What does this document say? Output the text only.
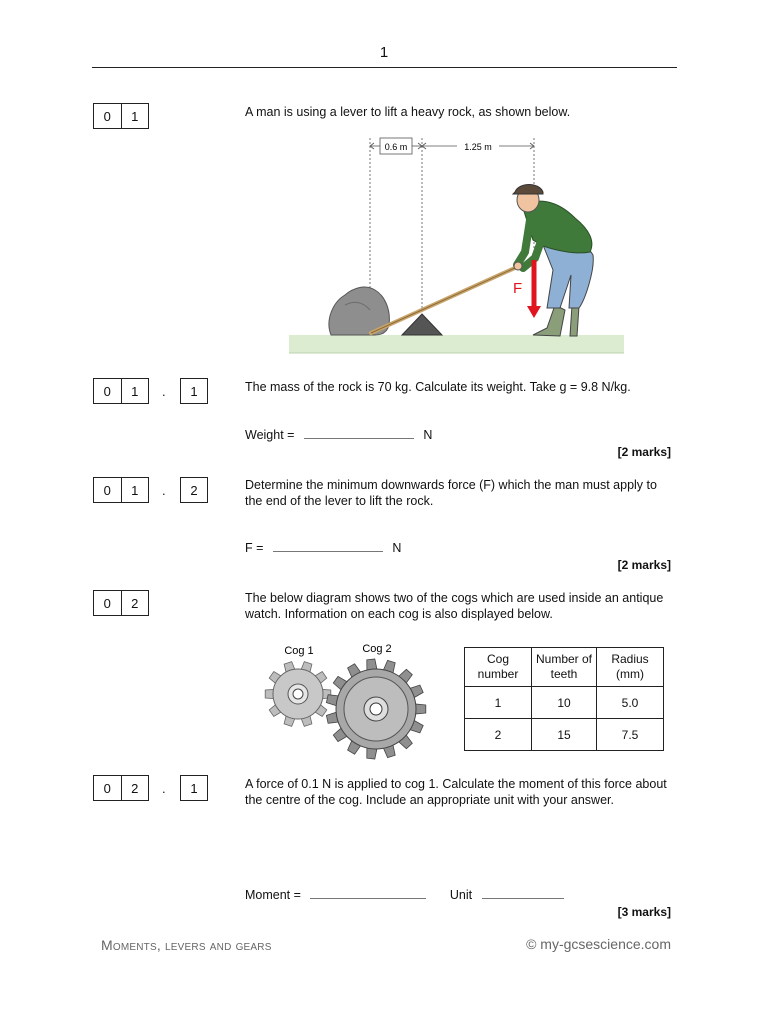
1
0	1	A man is using a lever to lift a heavy rock, as shown below.
0.6 m	1.25 m
F
0	1	.	1	The mass of the rock is 70 kg. Calculate its weight. Take g = 9.8 N/kg.
Weight =	N
[2 marks]
0	1	.	2	Determine the minimum downwards force (F) which the man must apply to the end of the lever to lift the rock.
F =	N
[2 marks]
0	2	The below diagram shows two of the cogs which are used inside an antique watch. Information on each cog is also displayed below.
Cog 1	Cog 2
Cog number	Number of teeth	Radius (mm)
1	10	5.0
2	15	7.5
0	2	.	1	A force of 0.1 N is applied to cog 1. Calculate the moment of this force about the centre of the cog. Include an appropriate unit with your answer.
Moment =	Unit
[3 marks]
Moments, levers and gears	© my-gcsescience.com
